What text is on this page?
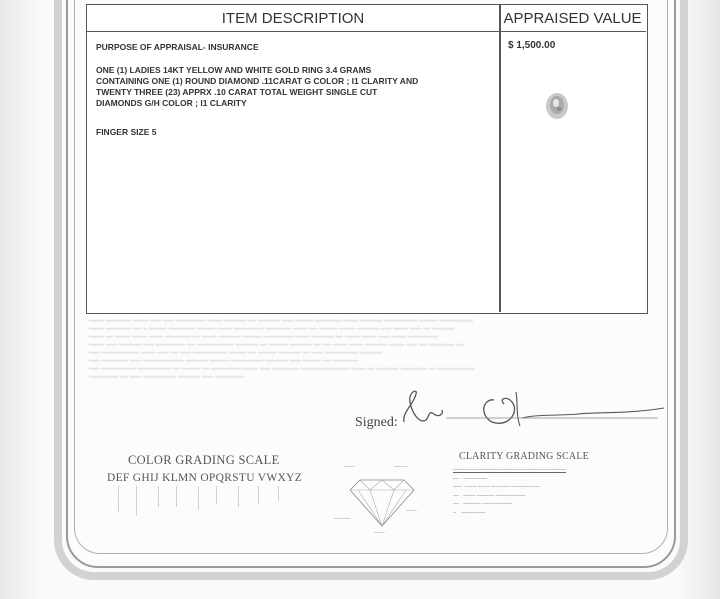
ITEM DESCRIPTION	APPRAISED VALUE
PURPOSE OF APPRAISAL- INSURANCE
ONE (1) LADIES 14KT YELLOW AND WHITE GOLD RING 3.4 GRAMS
CONTAINING ONE (1) ROUND DIAMOND .11CARAT G COLOR ; I1 CLARITY AND
TWENTY THREE (23) APPRX .10 CARAT TOTAL WEIGHT SINGLE CUT
DIAMONDS G/H COLOR ; I1 CLARITY
FINGER SIZE 5
$ 1,500.00
~~~~ ~~~~~~~ ~~~~ ~~~ ~~~ ~~~~~~~~ ~~~~ ~~~~~~ ~~ ~~~~~~ ~~~ ~~~~~ ~~~~~~~ ~~~~ ~~~~~~ ~~~~~~~~~ ~~~~~ ~~~~~~~~~
~~~~ ~~~~~~~ ~~ ~ ~~~~~ ~~~~~~~ ~~~~~ ~~~~ ~~~~~~~~ ~~~~~~~ ~~~~ ~~ ~~~~~ ~~~~ ~~~~~~ ~~~ ~~~~ ~~~ ~~ ~~~~~~
~~~~ ~~ ~~~~ ~~~~ ~~~~ ~~~~~~~ ~~ ~~~~ ~~~~~~ ~~~~~ ~~~~~~~~ ~~~~ ~~~~~~ ~~ ~~~~ ~~~~ ~~~ ~~~~ ~~~~~~~~
~~~~ ~~~ ~~~~~~ ~~~ ~~~~~~~~ ~~ ~~~~~~~~~~ ~~~~~~ ~~ ~~~~~ ~~~~~~ ~~ ~~ ~~~~ ~~~~ ~~~~~~ ~~~~ ~~~ ~~ ~~~~~~~ ~~
~~~ ~~~~~~~~~~ ~~~~ ~~~ ~~ ~~~ ~~~~~~~~~ ~~~~~ ~~ ~~~~~ ~~~~~~ ~~ ~~~ ~~~~~~~~~ ~~~~~~
~~~ ~~~~~~~ ~~~ ~~~~~~~~~~~ ~~~~~~ ~~~~~ ~~~~~~~~~ ~~~~~~ ~~~ ~~~~~ ~~ ~~~~~~~
~~~ ~~~~~~~~~ ~~~~~~~~~ ~~ ~~~~~ ~~ ~~~~~~~~ ~~~~ ~~~ ~~~~~~~ ~~~~~~~~~~~~~ ~~~~ ~~ ~~~~~~ ~~~~~~~ ~~ ~~~~~~~~~~
~~~~~~~~ ~~ ~~~ ~~~~~~~~~ ~~~~~~ ~~~ ~~~~~~~~
Signed:
COLOR GRADING SCALE
DEF GHIJ KLMN OPQRSTU VWXYZ
~~~~~~~~~ ~~~~~~~~~~	~~~~~~~ ~~~~~~~	~~~~~~~~ ~~~~~~	~~~~~~~	~~~~~~	~~~~~
~~~~	~~~~~
~~~~~~
~~~~
~~~~
CLARITY GRADING SCALE
~~~~~~~~~~~~~~~~~~~~~~~~~~~~~~~~~~~~~~
~~   ~~~~~~~~
~~~  ~~~~ ~~~~ ~~~~~~ ~~~~~~~~~~
~~   ~~~~ ~~~~~~ ~~~~~~~~~~
~~   ~~~~~~ ~~~~~~~~~~
~    ~~~~~~~~
